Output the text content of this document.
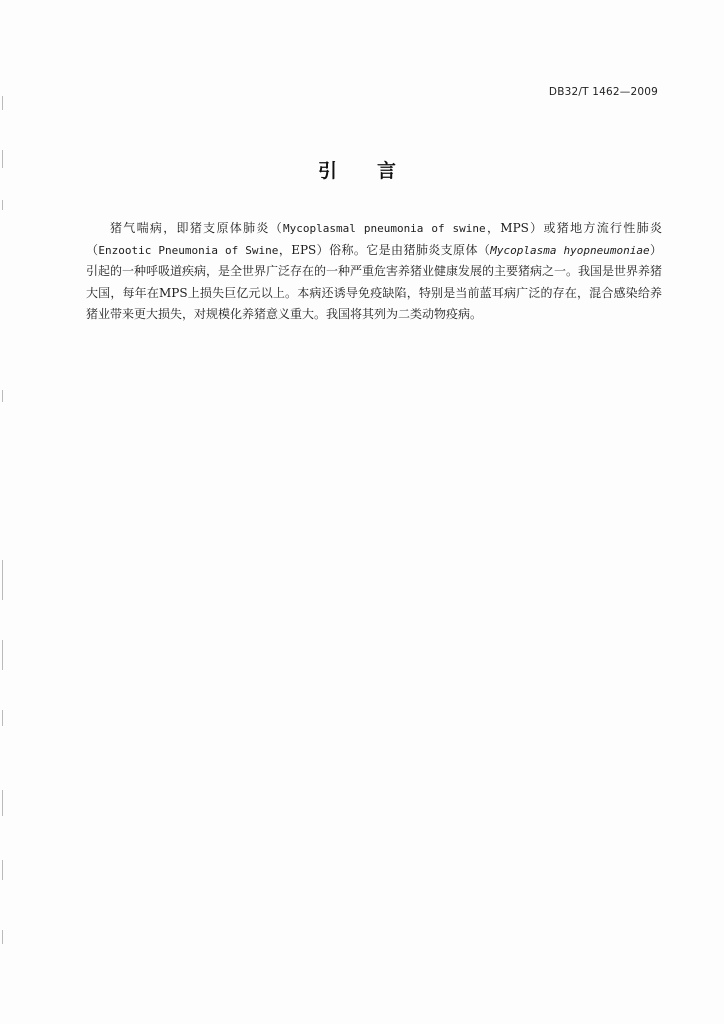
DB32/T 1462—2009
引言

猪气喘病，即猪支原体肺炎（Mycoplasmal pneumonia of swine，MPS）或猪地方流行性肺炎（Enzootic Pneumonia of Swine，EPS）俗称。它是由猪肺炎支原体（Mycoplasma hyopneumoniae）引起的一种呼吸道疾病，是全世界广泛存在的一种严重危害养猪业健康发展的主要猪病之一。我国是世界养猪大国，每年在MPS上损失巨亿元以上。本病还诱导免疫缺陷，特别是当前蓝耳病广泛的存在，混合感染给养猪业带来更大损失，对规模化养猪意义重大。我国将其列为二类动物疫病。
